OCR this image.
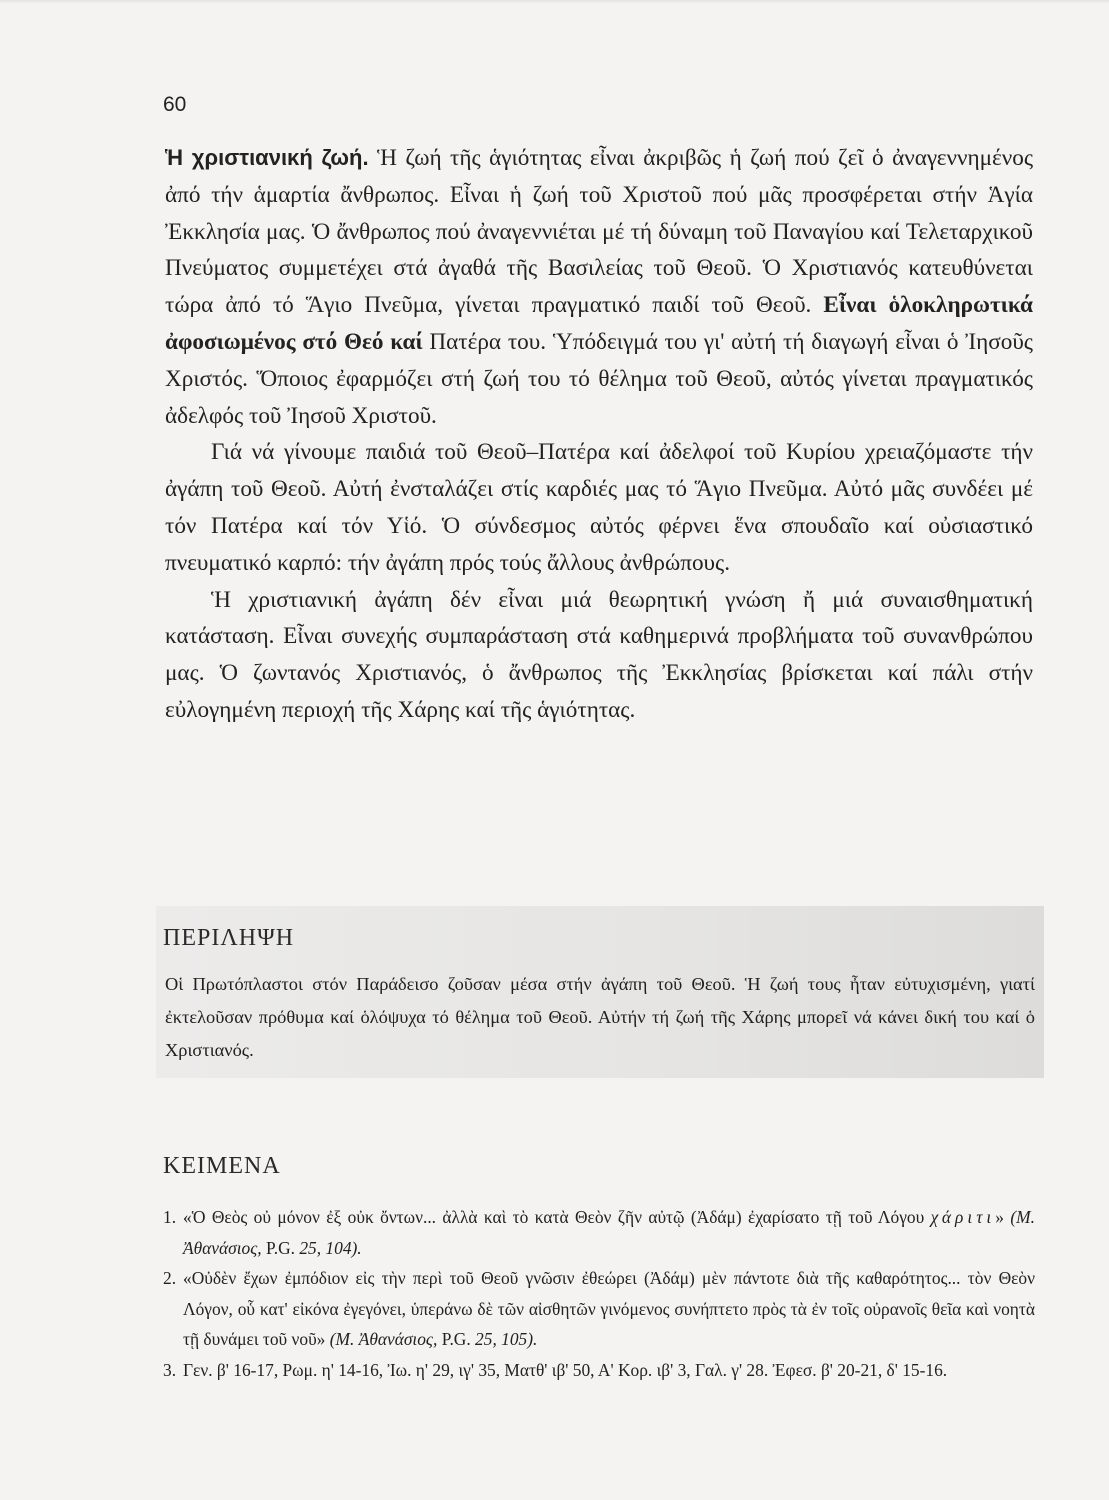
60

Ἡ χριστιανική ζωή. Ἡ ζωή τῆς ἁγιότητας εἶναι ἀκριβῶς ἡ ζωή πού ζεῖ ὁ ἀναγεννημένος ἀπό τήν ἁμαρτία ἄνθρωπος. Εἶναι ἡ ζωή τοῦ Χριστοῦ πού μᾶς προσφέρεται στήν Ἁγία Ἐκκλησία μας. Ὁ ἄνθρωπος πού ἀναγεννιέται μέ τή δύναμη τοῦ Παναγίου καί Τελεταρχικοῦ Πνεύματος συμμετέχει στά ἀγαθά τῆς Βασιλείας τοῦ Θεοῦ. Ὁ Χριστιανός κατευθύνεται τώρα ἀπό τό Ἅγιο Πνεῦμα, γίνεται πραγματικό παιδί τοῦ Θεοῦ. Εἶναι ὁλοκληρωτικά ἀφοσιωμένος στό Θεό καί Πατέρα του. Ὑπόδειγμά του γι' αὐτή τή διαγωγή εἶναι ὁ Ἰησοῦς Χριστός. Ὅποιος ἐφαρμόζει στή ζωή του τό θέλημα τοῦ Θεοῦ, αὐτός γίνεται πραγματικός ἀδελφός τοῦ Ἰησοῦ Χριστοῦ.

Γιά νά γίνουμε παιδιά τοῦ Θεοῦ–Πατέρα καί ἀδελφοί τοῦ Κυρίου χρειαζόμαστε τήν ἀγάπη τοῦ Θεοῦ. Αὐτή ἐνσταλάζει στίς καρδιές μας τό Ἅγιο Πνεῦμα. Αὐτό μᾶς συνδέει μέ τόν Πατέρα καί τόν Υἱό. Ὁ σύνδεσμος αὐτός φέρνει ἕνα σπουδαῖο καί οὐσιαστικό πνευματικό καρπό: τήν ἀγάπη πρός τούς ἄλλους ἀνθρώπους.

Ἡ χριστιανική ἀγάπη δέν εἶναι μιά θεωρητική γνώση ἤ μιά συναισθηματική κατάσταση. Εἶναι συνεχής συμπαράσταση στά καθημερινά προβλήματα τοῦ συνανθρώπου μας. Ὁ ζωντανός Χριστιανός, ὁ ἄνθρωπος τῆς Ἐκκλησίας βρίσκεται καί πάλι στήν εὐλογημένη περιοχή τῆς Χάρης καί τῆς ἁγιότητας.

ΠΕΡΙΛΗΨΗ
Οἱ Πρωτόπλαστοι στόν Παράδεισο ζοῦσαν μέσα στήν ἀγάπη τοῦ Θεοῦ. Ἡ ζωή τους ἦταν εὐτυχισμένη, γιατί ἐκτελοῦσαν πρόθυμα καί ὁλόψυχα τό θέλημα τοῦ Θεοῦ. Αὐτήν τή ζωή τῆς Χάρης μπορεῖ νά κάνει δική του καί ὁ Χριστιανός.
ΚΕΙΜΕΝΑ
1. «Ὁ Θεὸς οὐ μόνον ἐξ οὐκ ὄντων... ἀλλὰ καὶ τὸ κατὰ Θεὸν ζῆν αὐτῷ (Ἀδάμ) ἐχαρίσατο τῇ τοῦ Λόγου χάριτι» (Μ. Ἀθανάσιος, P.G. 25, 104).
2. «Οὐδὲν ἔχων ἐμπόδιον εἰς τὴν περὶ τοῦ Θεοῦ γνῶσιν ἐθεώρει (Ἀδάμ) μὲν πάντοτε διὰ τῆς καθαρότητος... τὸν Θεὸν Λόγον, οὗ κατ' εἰκόνα ἐγεγόνει, ὑπεράνω δὲ τῶν αἰσθητῶν γινόμενος συνήπτετο πρὸς τὰ ἐν τοῖς οὐρανοῖς θεῖα καὶ νοητὰ τῇ δυνάμει τοῦ νοῦ» (Μ. Ἀθανάσιος, P.G. 25, 105).
3. Γεν. β' 16-17, Ρωμ. η' 14-16, Ἰω. η' 29, ιγ' 35, Ματθ' ιβ' 50, Α' Κορ. ιβ' 3, Γαλ. γ' 28. Ἐφεσ. β' 20-21, δ' 15-16.
